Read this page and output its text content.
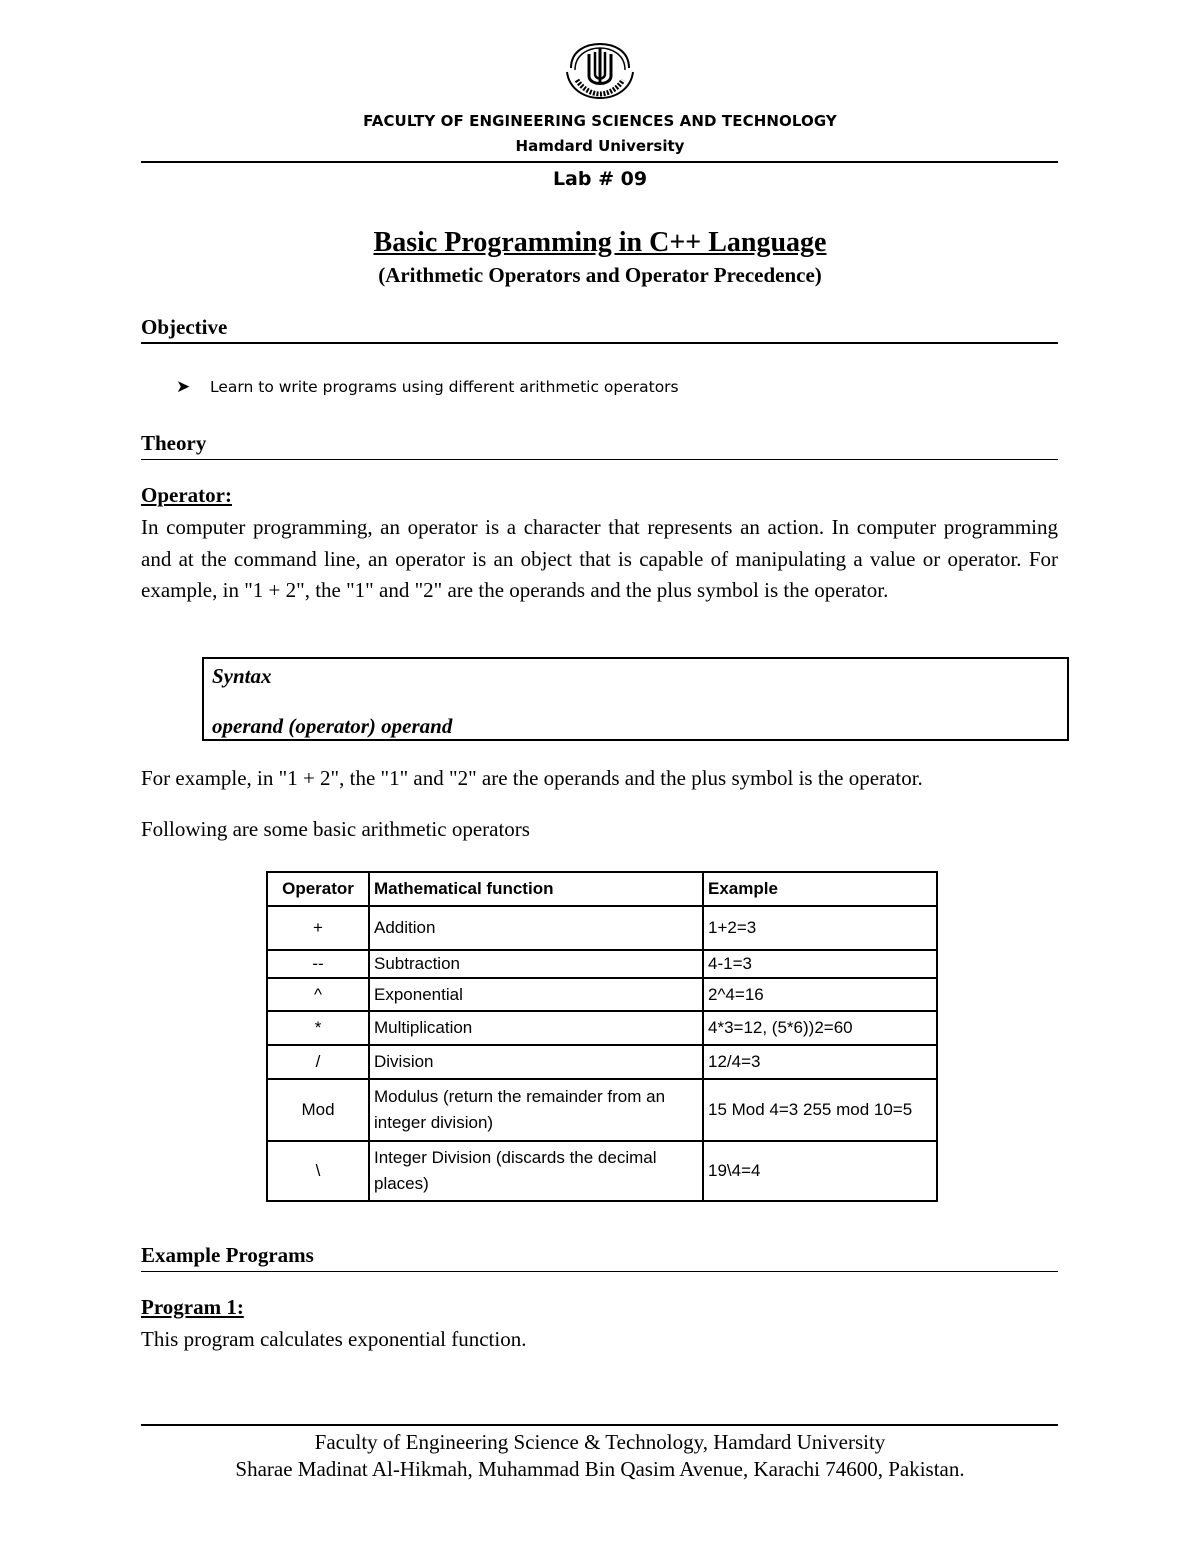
FACULTY OF ENGINEERING SCIENCES AND TECHNOLOGY
Hamdard University
Lab # 09
Basic Programming in C++ Language
(Arithmetic Operators and Operator Precedence)
Objective
➤ Learn to write programs using different arithmetic operators
Theory
Operator:
In computer programming, an operator is a character that represents an action. In computer programming and at the command line, an operator is an object that is capable of manipulating a value or operator. For example, in "1 + 2", the "1" and "2" are the operands and the plus symbol is the operator.
Syntax
operand (operator) operand
For example, in "1 + 2", the "1" and "2" are the operands and the plus symbol is the operator.
Following are some basic arithmetic operators
Operator	Mathematical function	Example
+	Addition	1+2=3
--	Subtraction	4-1=3
^	Exponential	2^4=16
*	Multiplication	4*3=12, (5*6))2=60
/	Division	12/4=3
Mod	Modulus (return the remainder from an integer division)	15 Mod 4=3 255 mod 10=5
\	Integer Division (discards the decimal places)	19\4=4
Example Programs
Program 1:
This program calculates exponential function.
Faculty of Engineering Science & Technology, Hamdard University
Sharae Madinat Al-Hikmah, Muhammad Bin Qasim Avenue, Karachi 74600, Pakistan.
